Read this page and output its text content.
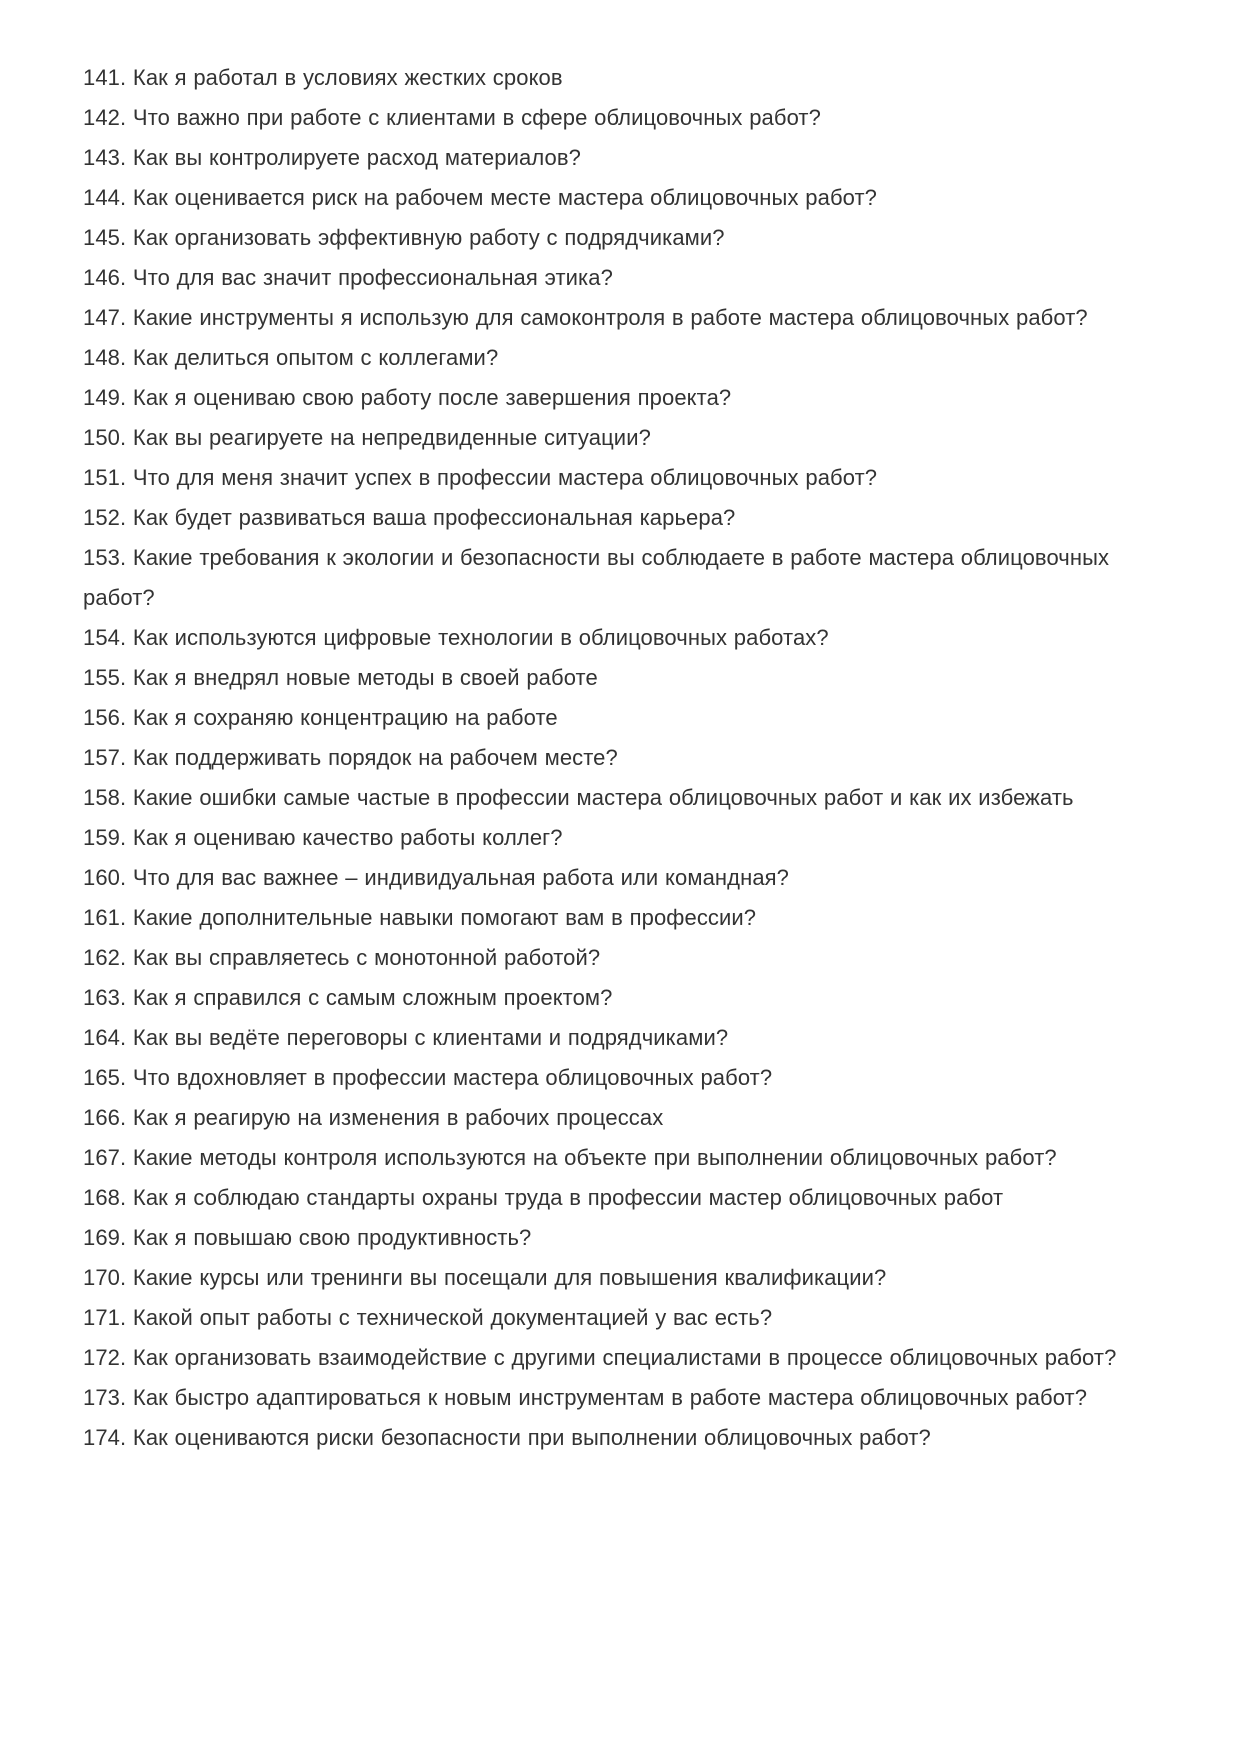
141. Как я работал в условиях жестких сроков

142. Что важно при работе с клиентами в сфере облицовочных работ?

143. Как вы контролируете расход материалов?

144. Как оценивается риск на рабочем месте мастера облицовочных работ?

145. Как организовать эффективную работу с подрядчиками?

146. Что для вас значит профессиональная этика?

147. Какие инструменты я использую для самоконтроля в работе мастера облицовочных работ?

148. Как делиться опытом с коллегами?

149. Как я оцениваю свою работу после завершения проекта?

150. Как вы реагируете на непредвиденные ситуации?

151. Что для меня значит успех в профессии мастера облицовочных работ?

152. Как будет развиваться ваша профессиональная карьера?

153. Какие требования к экологии и безопасности вы соблюдаете в работе мастера облицовочных работ?

154. Как используются цифровые технологии в облицовочных работах?

155. Как я внедрял новые методы в своей работе

156. Как я сохраняю концентрацию на работе

157. Как поддерживать порядок на рабочем месте?

158. Какие ошибки самые частые в профессии мастера облицовочных работ и как их избежать

159. Как я оцениваю качество работы коллег?

160. Что для вас важнее – индивидуальная работа или командная?

161. Какие дополнительные навыки помогают вам в профессии?

162. Как вы справляетесь с монотонной работой?

163. Как я справился с самым сложным проектом?

164. Как вы ведёте переговоры с клиентами и подрядчиками?

165. Что вдохновляет в профессии мастера облицовочных работ?

166. Как я реагирую на изменения в рабочих процессах

167. Какие методы контроля используются на объекте при выполнении облицовочных работ?

168. Как я соблюдаю стандарты охраны труда в профессии мастер облицовочных работ

169. Как я повышаю свою продуктивность?

170. Какие курсы или тренинги вы посещали для повышения квалификации?

171. Какой опыт работы с технической документацией у вас есть?

172. Как организовать взаимодействие с другими специалистами в процессе облицовочных работ?

173. Как быстро адаптироваться к новым инструментам в работе мастера облицовочных работ?

174. Как оцениваются риски безопасности при выполнении облицовочных работ?
